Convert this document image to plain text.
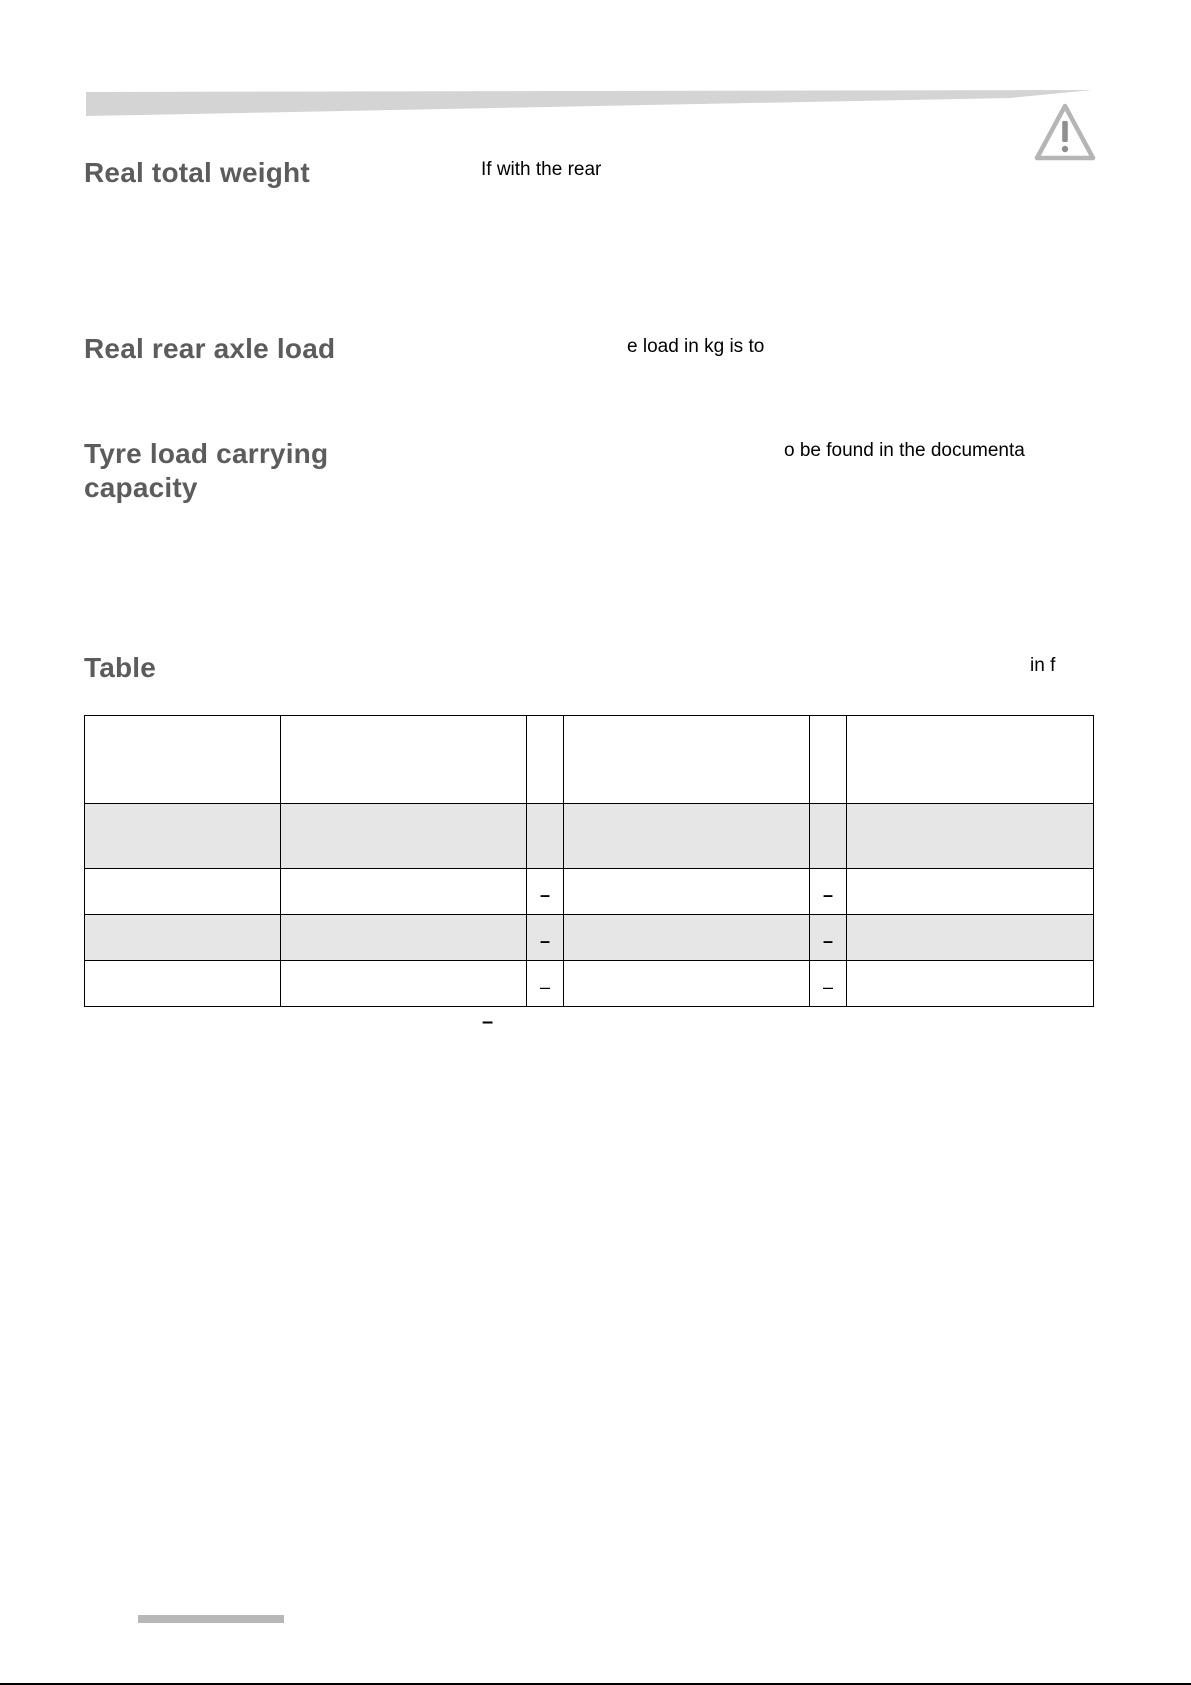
Real total weight	If with the rear
Real rear axle load	e load in kg is to
Tyre load carrying
capacity
o be found in the documenta
Table	in f

		–		–	
		–		–	
		–		–	
–
